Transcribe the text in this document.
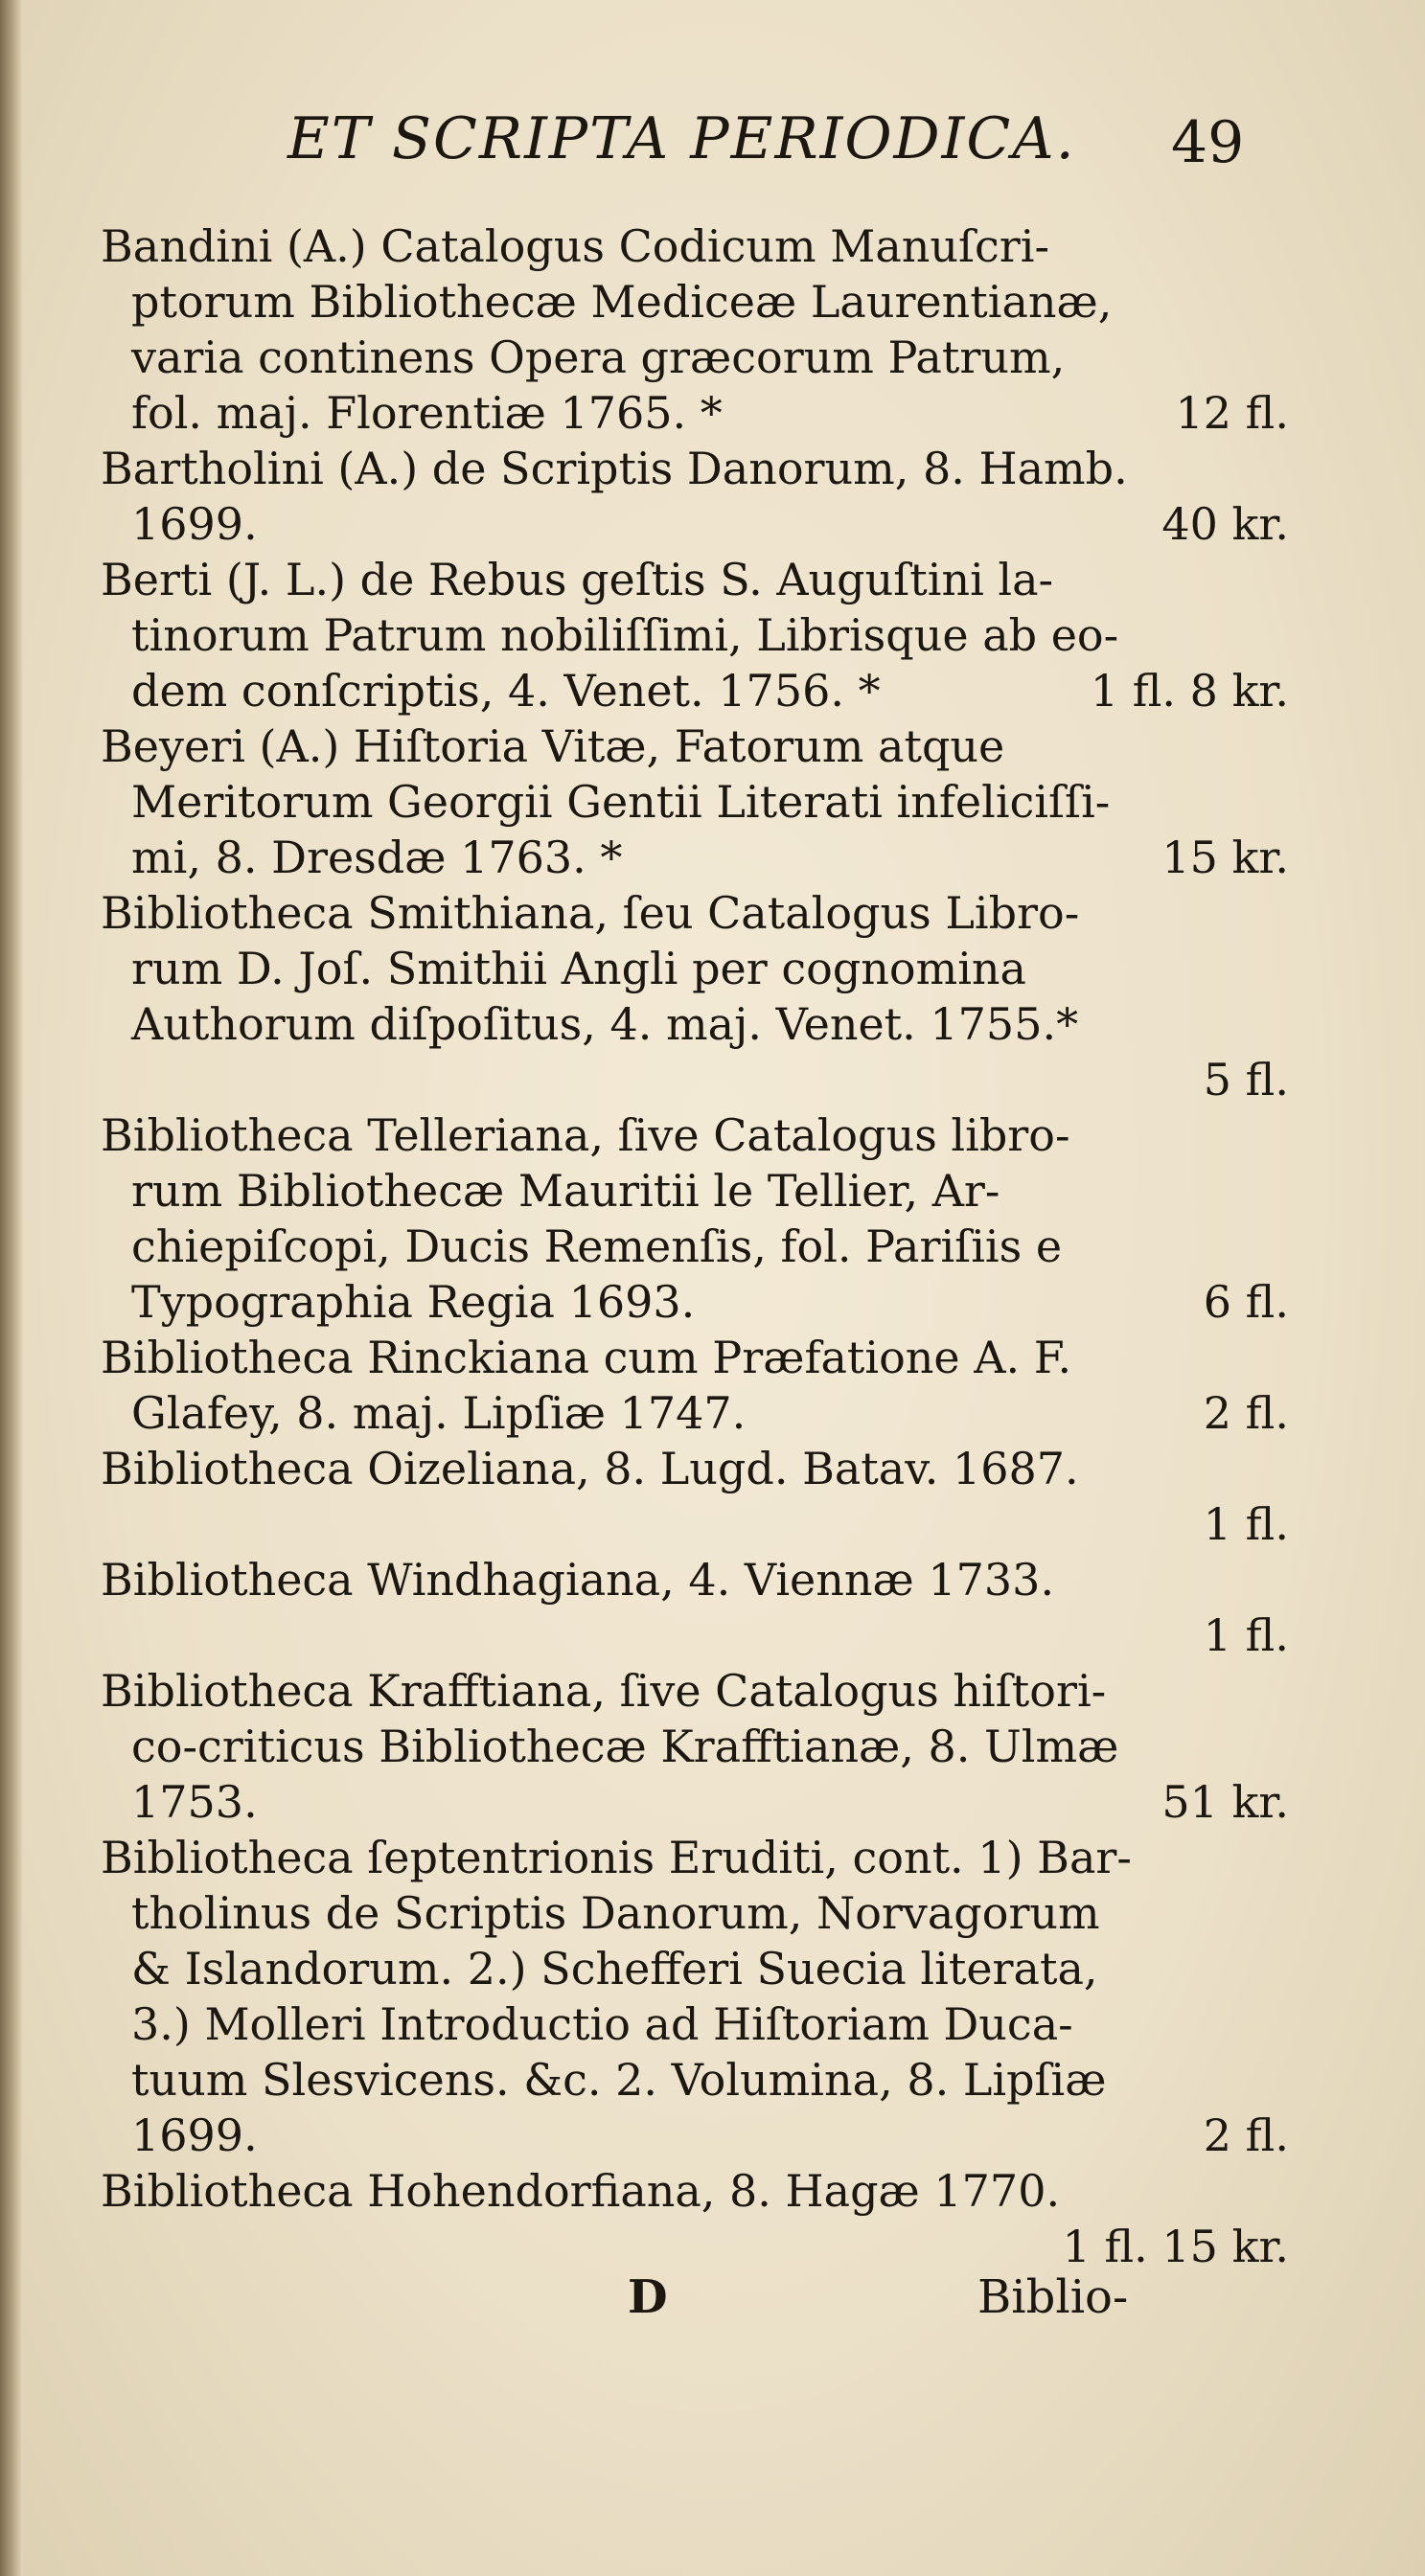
ET SCRIPTA PERIODICA. 49
Bandini (A.) Catalogus Codicum Manuſcri-
ptorum Bibliothecæ Mediceæ Laurentianæ,
varia continens Opera græcorum Patrum,
fol. maj. Florentiæ 1765. *	12 fl.
Bartholini (A.) de Scriptis Danorum, 8. Hamb.
1699.	40 kr.
Berti (J. L.) de Rebus geſtis S. Auguſtini la-
tinorum Patrum nobiliſſimi, Librisque ab eo-
dem conſcriptis, 4. Venet. 1756. *	1 fl. 8 kr.
Beyeri (A.) Hiſtoria Vitæ, Fatorum atque
Meritorum Georgii Gentii Literati infeliciſſi-
mi, 8. Dresdæ 1763. *	15 kr.
Bibliotheca Smithiana, ſeu Catalogus Libro-
rum D. Joſ. Smithii Angli per cognomina
Authorum diſpoſitus, 4. maj. Venet. 1755.*
5 fl.
Bibliotheca Telleriana, ſive Catalogus libro-
rum Bibliothecæ Mauritii le Tellier, Ar-
chiepiſcopi, Ducis Remenſis, fol. Pariſiis e
Typographia Regia 1693.	6 fl.
Bibliotheca Rinckiana cum Præfatione A. F.
Glafey, 8. maj. Lipſiæ 1747.	2 fl.
Bibliotheca Oizeliana, 8. Lugd. Batav. 1687.
1 fl.
Bibliotheca Windhagiana, 4. Viennæ 1733.
1 fl.
Bibliotheca Krafftiana, ſive Catalogus hiſtori-
co-criticus Bibliothecæ Krafftianæ, 8. Ulmæ
1753.	51 kr.
Bibliotheca ſeptentrionis Eruditi, cont. 1) Bar-
tholinus de Scriptis Danorum, Norvagorum
& Islandorum. 2.) Schefferi Suecia literata,
3.) Molleri Introductio ad Hiſtoriam Duca-
tuum Slesvicens. &c. 2. Volumina, 8. Lipſiæ
1699.	2 fl.
Bibliotheca Hohendorfiana, 8. Hagæ 1770.
1 fl. 15 kr.
D	Biblio-
